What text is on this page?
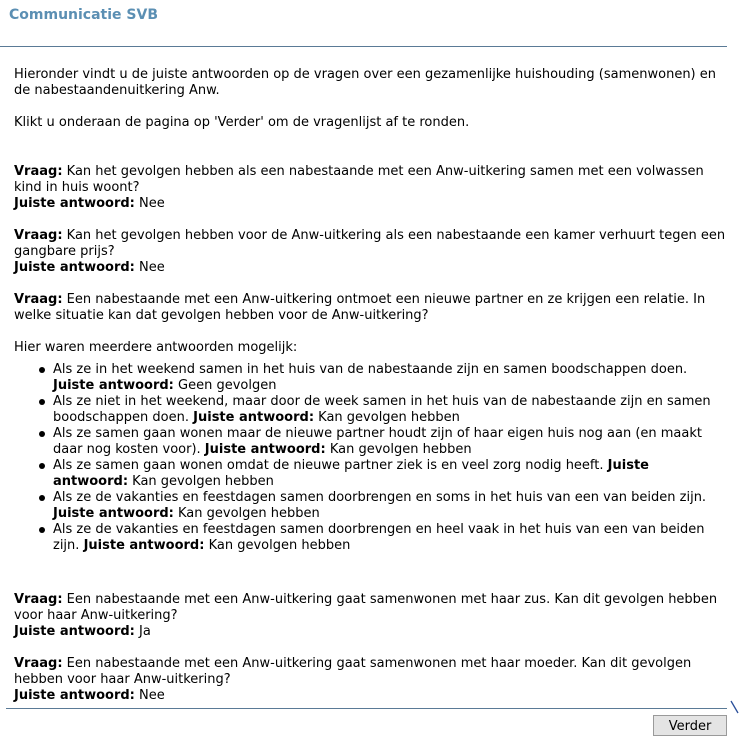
Communicatie SVB

Hieronder vindt u de juiste antwoorden op de vragen over een gezamenlijke huishouding (samenwonen) en de nabestaandenuitkering Anw.

Klikt u onderaan de pagina op 'Verder' om de vragenlijst af te ronden.

Vraag: Kan het gevolgen hebben als een nabestaande met een Anw-uitkering samen met een volwassen kind in huis woont?
Juiste antwoord: Nee

Vraag: Kan het gevolgen hebben voor de Anw-uitkering als een nabestaande een kamer verhuurt tegen een gangbare prijs?
Juiste antwoord: Nee

Vraag: Een nabestaande met een Anw-uitkering ontmoet een nieuwe partner en ze krijgen een relatie. In welke situatie kan dat gevolgen hebben voor de Anw-uitkering?

Hier waren meerdere antwoorden mogelijk:

Als ze in het weekend samen in het huis van de nabestaande zijn en samen boodschappen doen.
Juiste antwoord: Geen gevolgen
Als ze niet in het weekend, maar door de week samen in het huis van de nabestaande zijn en samen boodschappen doen. Juiste antwoord: Kan gevolgen hebben
Als ze samen gaan wonen maar de nieuwe partner houdt zijn of haar eigen huis nog aan (en maakt daar nog kosten voor). Juiste antwoord: Kan gevolgen hebben
Als ze samen gaan wonen omdat de nieuwe partner ziek is en veel zorg nodig heeft. Juiste antwoord: Kan gevolgen hebben
Als ze de vakanties en feestdagen samen doorbrengen en soms in het huis van een van beiden zijn.
Juiste antwoord: Kan gevolgen hebben
Als ze de vakanties en feestdagen samen doorbrengen en heel vaak in het huis van een van beiden zijn. Juiste antwoord: Kan gevolgen hebben

Vraag: Een nabestaande met een Anw-uitkering gaat samenwonen met haar zus. Kan dit gevolgen hebben voor haar Anw-uitkering?
Juiste antwoord: Ja

Vraag: Een nabestaande met een Anw-uitkering gaat samenwonen met haar moeder. Kan dit gevolgen hebben voor haar Anw-uitkering?
Juiste antwoord: Nee

Verder
